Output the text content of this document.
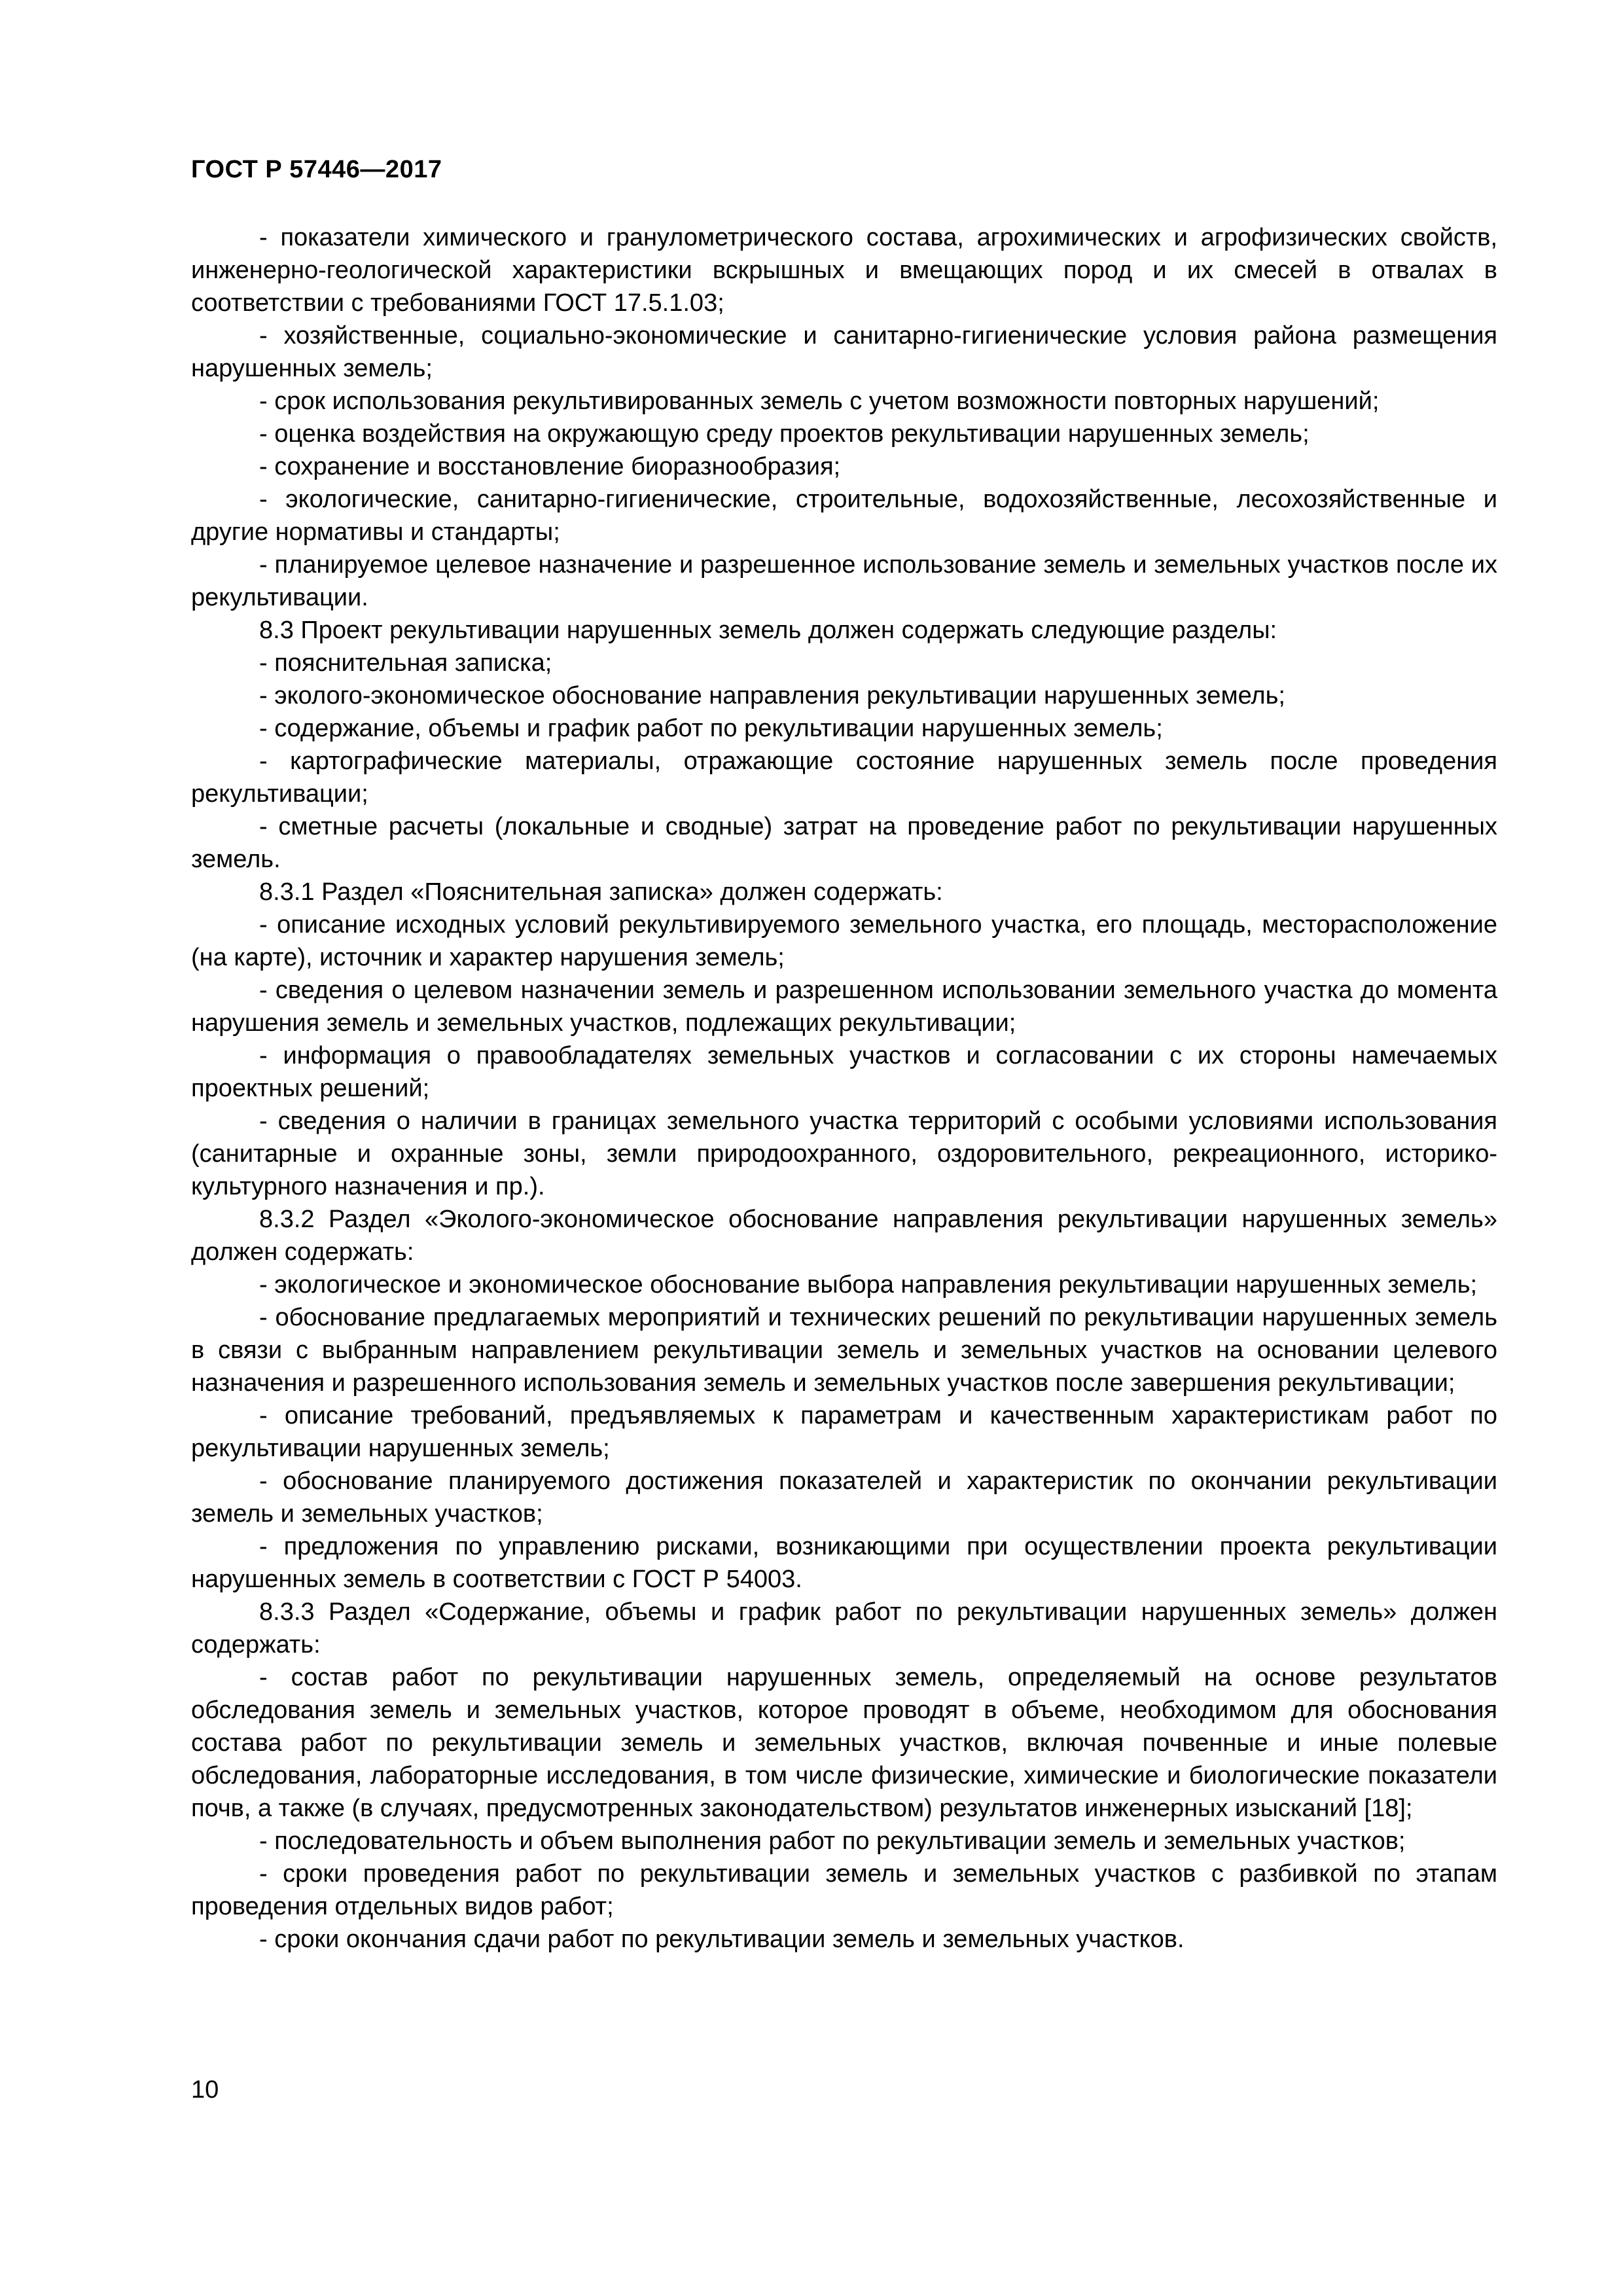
ГОСТ Р 57446—2017

- показатели химического и гранулометрического состава, агрохимических и агрофизических свойств, инженерно-геологической характеристики вскрышных и вмещающих пород и их смесей в отвалах в соответствии с требованиями ГОСТ 17.5.1.03;

- хозяйственные, социально-экономические и санитарно-гигиенические условия района размещения нарушенных земель;

- срок использования рекультивированных земель с учетом возможности повторных нарушений;

- оценка воздействия на окружающую среду проектов рекультивации нарушенных земель;

- сохранение и восстановление биоразнообразия;

- экологические, санитарно-гигиенические, строительные, водохозяйственные, лесохозяйственные и другие нормативы и стандарты;

- планируемое целевое назначение и разрешенное использование земель и земельных участков после их рекультивации.

8.3 Проект рекультивации нарушенных земель должен содержать следующие разделы:

- пояснительная записка;

- эколого-экономическое обоснование направления рекультивации нарушенных земель;

- содержание, объемы и график работ по рекультивации нарушенных земель;

- картографические материалы, отражающие состояние нарушенных земель после проведения рекультивации;

- сметные расчеты (локальные и сводные) затрат на проведение работ по рекультивации нарушенных земель.

8.3.1 Раздел «Пояснительная записка» должен содержать:

- описание исходных условий рекультивируемого земельного участка, его площадь, месторасположение (на карте), источник и характер нарушения земель;

- сведения о целевом назначении земель и разрешенном использовании земельного участка до момента нарушения земель и земельных участков, подлежащих рекультивации;

- информация о правообладателях земельных участков и согласовании с их стороны намечаемых проектных решений;

- сведения о наличии в границах земельного участка территорий с особыми условиями использования (санитарные и охранные зоны, земли природоохранного, оздоровительного, рекреационного, историко-культурного назначения и пр.).

8.3.2 Раздел «Эколого-экономическое обоснование направления рекультивации нарушенных земель» должен содержать:

- экологическое и экономическое обоснование выбора направления рекультивации нарушенных земель;

- обоснование предлагаемых мероприятий и технических решений по рекультивации нарушенных земель в связи с выбранным направлением рекультивации земель и земельных участков на основании целевого назначения и разрешенного использования земель и земельных участков после завершения рекультивации;

- описание требований, предъявляемых к параметрам и качественным характеристикам работ по рекультивации нарушенных земель;

- обоснование планируемого достижения показателей и характеристик по окончании рекультивации земель и земельных участков;

- предложения по управлению рисками, возникающими при осуществлении проекта рекультивации нарушенных земель в соответствии с ГОСТ Р 54003.

8.3.3 Раздел «Содержание, объемы и график работ по рекультивации нарушенных земель» должен содержать:

- состав работ по рекультивации нарушенных земель, определяемый на основе результатов обследования земель и земельных участков, которое проводят в объеме, необходимом для обоснования состава работ по рекультивации земель и земельных участков, включая почвенные и иные полевые обследования, лабораторные исследования, в том числе физические, химические и биологические показатели почв, а также (в случаях, предусмотренных законодательством) результатов инженерных изысканий [18];

- последовательность и объем выполнения работ по рекультивации земель и земельных участков;

- сроки проведения работ по рекультивации земель и земельных участков с разбивкой по этапам проведения отдельных видов работ;

- сроки окончания сдачи работ по рекультивации земель и земельных участков.

10
